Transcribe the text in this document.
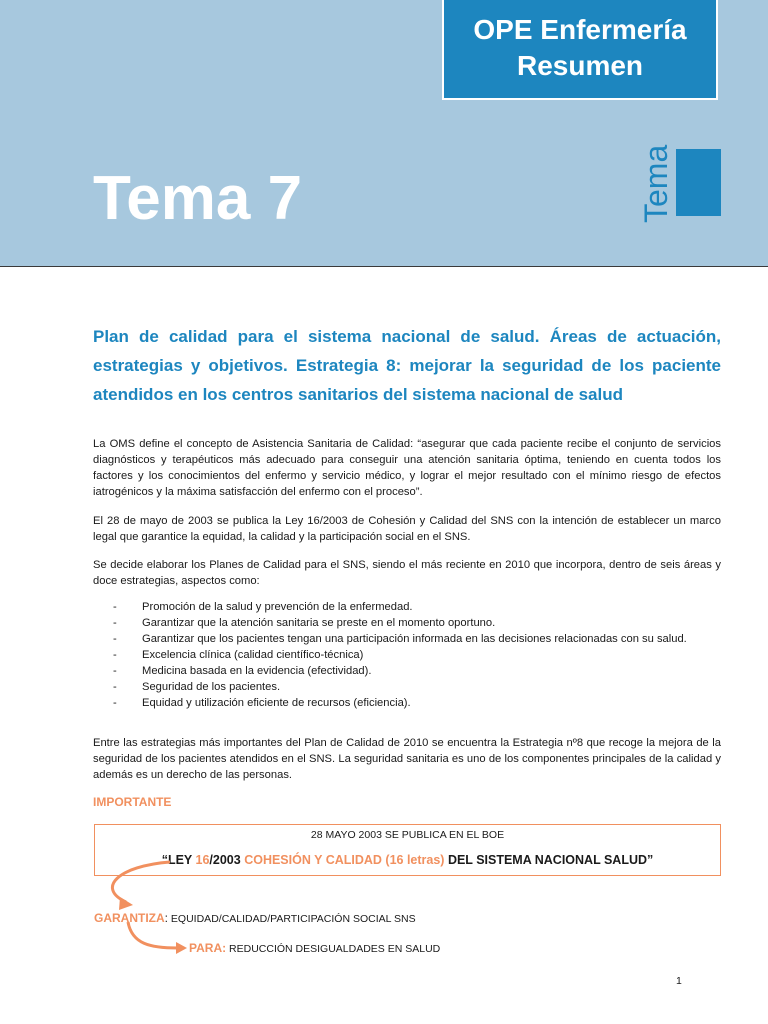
OPE Enfermería
Resumen
Tema 7	Tema

Plan de calidad para el sistema nacional de salud. Áreas de actuación, estrategias y objetivos. Estrategia 8: mejorar la seguridad de los paciente atendidos en los centros sanitarios del sistema nacional de salud

La OMS define el concepto de Asistencia Sanitaria de Calidad: “asegurar que cada paciente recibe el conjunto de servicios diagnósticos y terapéuticos más adecuado para conseguir una atención sanitaria óptima, teniendo en cuenta todos los factores y los conocimientos del enfermo y servicio médico, y lograr el mejor resultado con el mínimo riesgo de efectos iatrogénicos y la máxima satisfacción del enfermo con el proceso”.

El 28 de mayo de 2003 se publica la Ley 16/2003 de Cohesión y Calidad del SNS con la intención de establecer un marco legal que garantice la equidad, la calidad y la participación social en el SNS.

Se decide elaborar los Planes de Calidad para el SNS, siendo el más reciente en 2010 que incorpora, dentro de seis áreas y doce estrategias, aspectos como:

- Promoción de la salud y prevención de la enfermedad.
- Garantizar que la atención sanitaria se preste en el momento oportuno.
- Garantizar que los pacientes tengan una participación informada en las decisiones relacionadas con su salud.
- Excelencia clínica (calidad científico-técnica)
- Medicina basada en la evidencia (efectividad).
- Seguridad de los pacientes.
- Equidad y utilización eficiente de recursos (eficiencia).

Entre las estrategias más importantes del Plan de Calidad de 2010 se encuentra la Estrategia nº8 que recoge la mejora de la seguridad de los pacientes atendidos en el SNS. La seguridad sanitaria es uno de los componentes principales de la calidad y además es un derecho de las personas.

IMPORTANTE
28 MAYO 2003 SE PUBLICA EN EL BOE
“LEY 16/2003 COHESIÓN Y CALIDAD (16 letras) DEL SISTEMA NACIONAL SALUD”
GARANTIZA: EQUIDAD/CALIDAD/PARTICIPACIÓN SOCIAL SNS
PARA: REDUCCIÓN DESIGUALDADES EN SALUD
1
